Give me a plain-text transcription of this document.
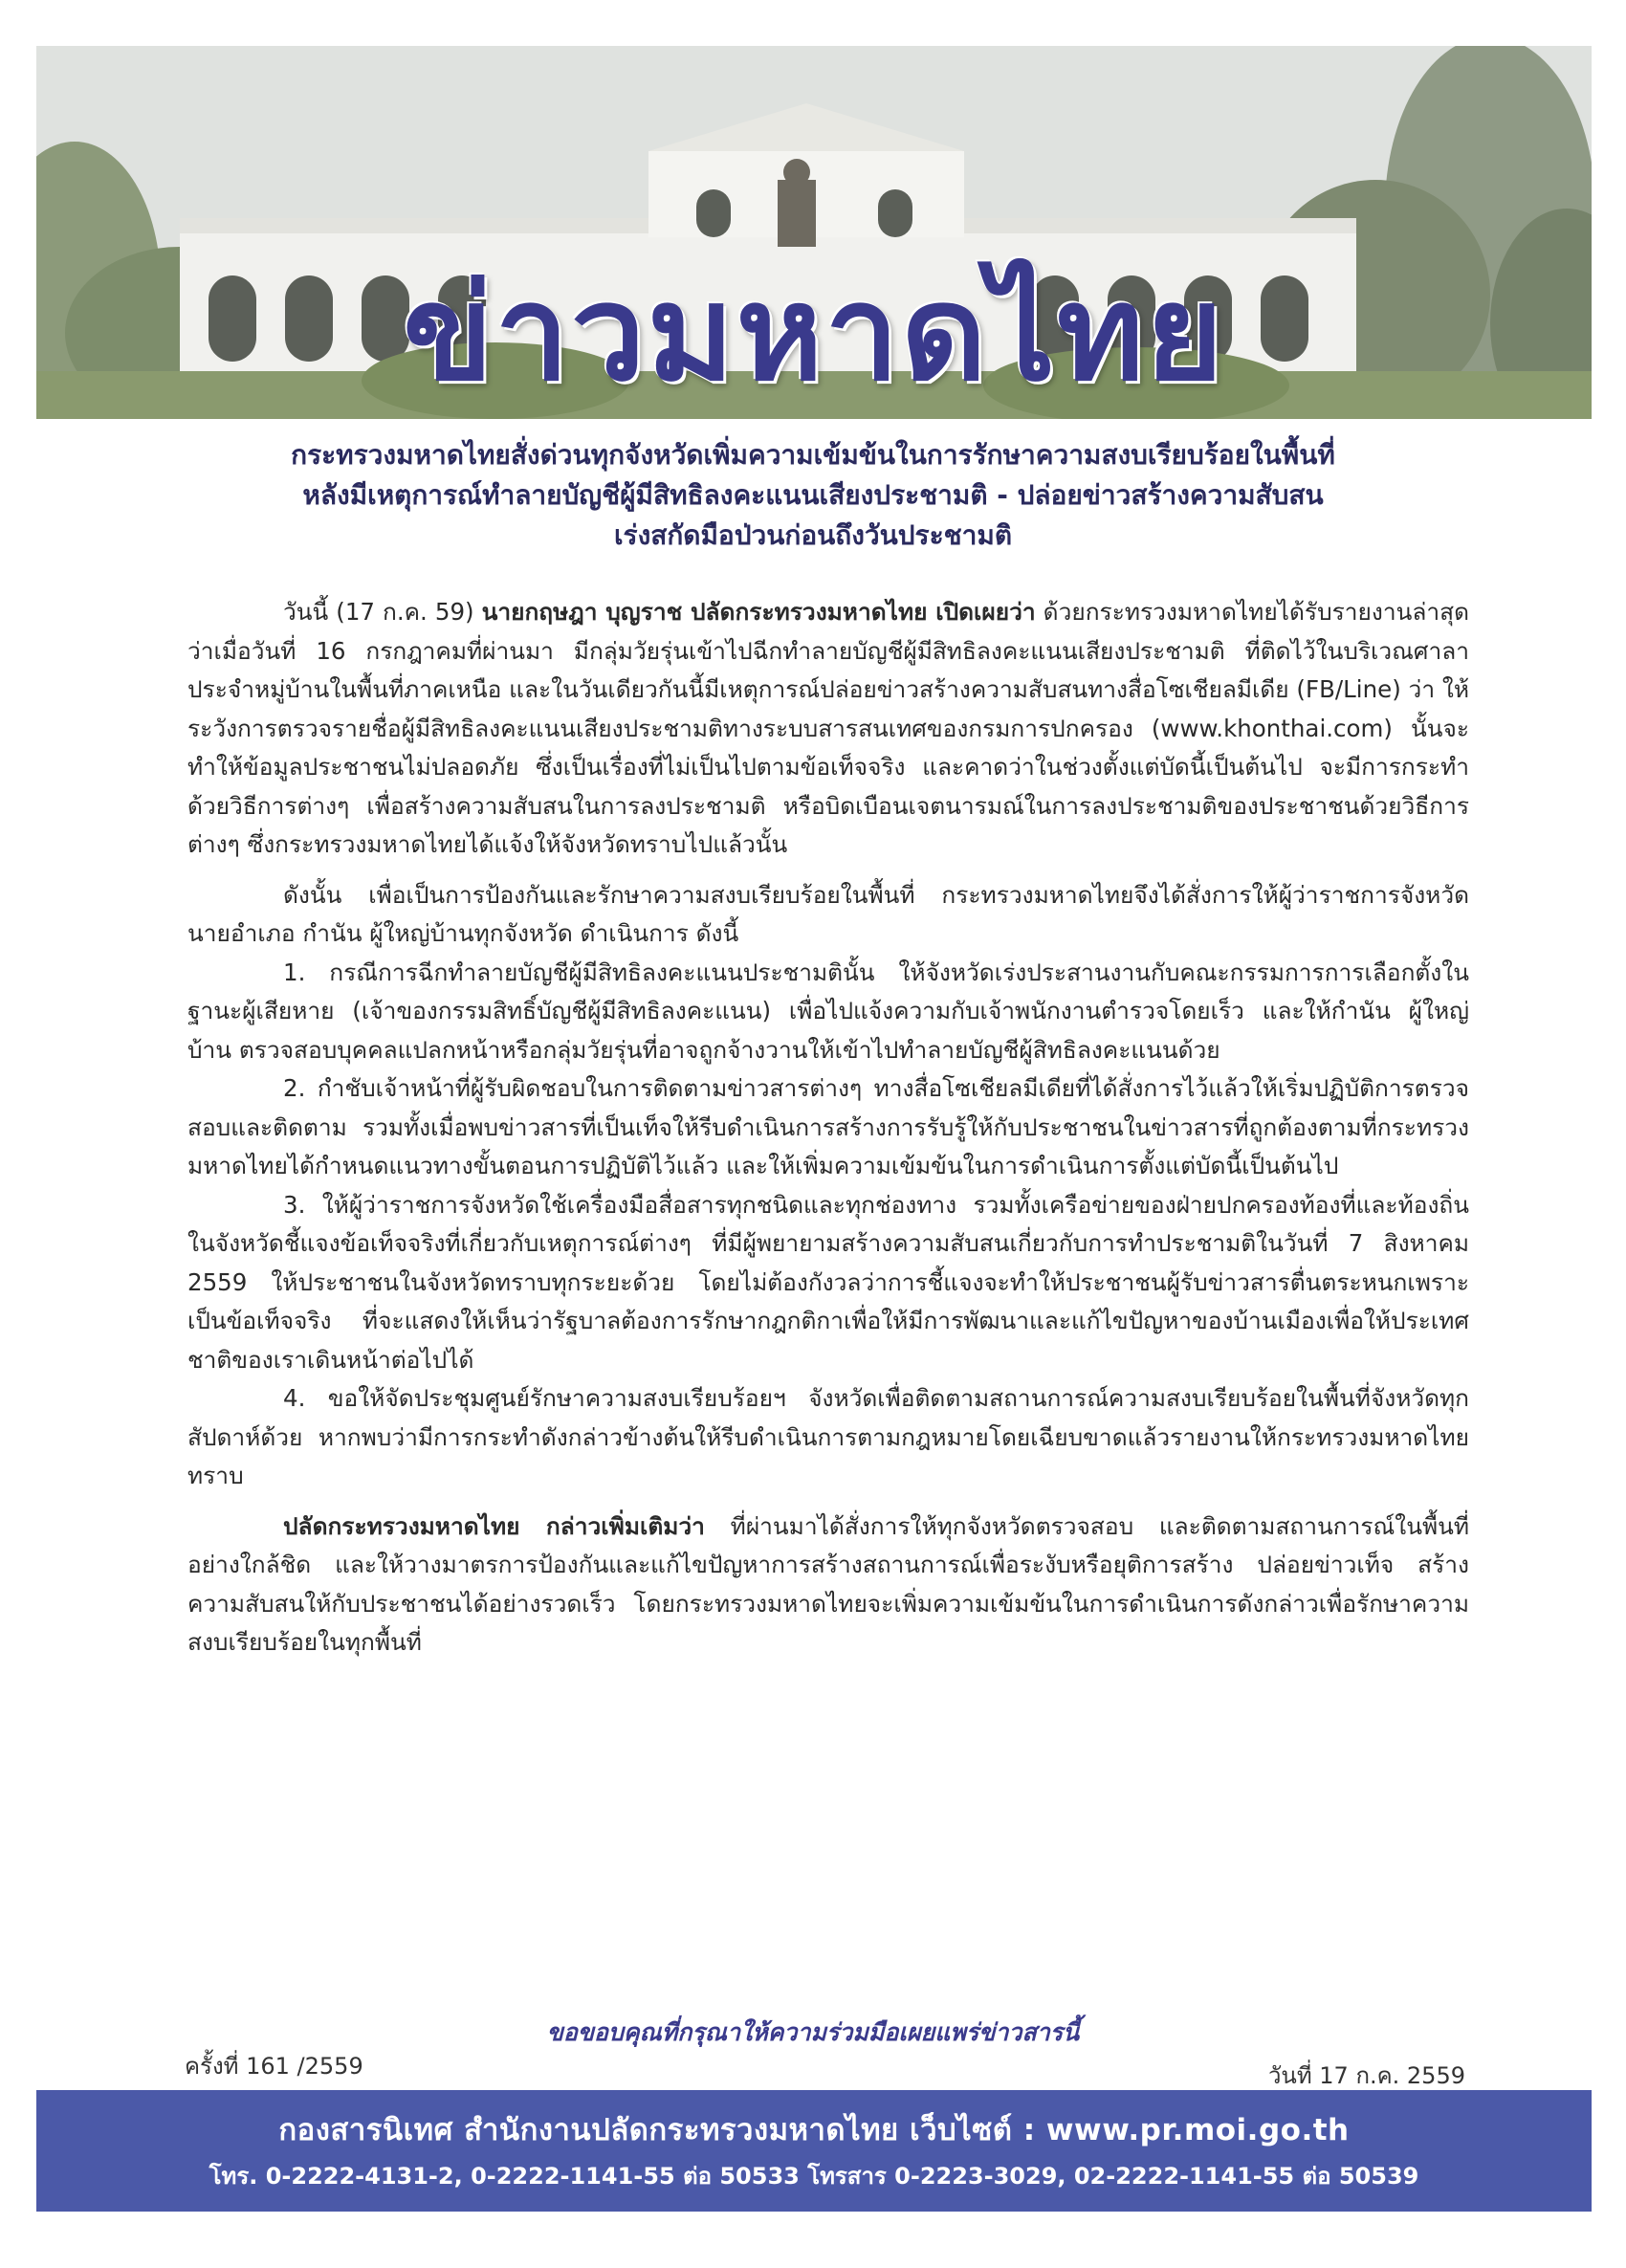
ข่าวมหาดไทย
กระทรวงมหาดไทยสั่งด่วนทุกจังหวัดเพิ่มความเข้มข้นในการรักษาความสงบเรียบร้อยในพื้นที่
หลังมีเหตุการณ์ทำลายบัญชีผู้มีสิทธิลงคะแนนเสียงประชามติ - ปล่อยข่าวสร้างความสับสน
เร่งสกัดมือป่วนก่อนถึงวันประชามติ

วันนี้ (17 ก.ค. 59) นายกฤษฎา บุญราช ปลัดกระทรวงมหาดไทย เปิดเผยว่า ด้วยกระทรวงมหาดไทยได้รับรายงานล่าสุดว่าเมื่อวันที่ 16 กรกฎาคมที่ผ่านมา มีกลุ่มวัยรุ่นเข้าไปฉีกทำลายบัญชีผู้มีสิทธิลงคะแนนเสียงประชามติ ที่ติดไว้ในบริเวณศาลาประจำหมู่บ้านในพื้นที่ภาคเหนือ และในวันเดียวกันนี้มีเหตุการณ์ปล่อยข่าวสร้างความสับสนทางสื่อโซเชียลมีเดีย (FB/Line) ว่า ให้ระวังการตรวจรายชื่อผู้มีสิทธิลงคะแนนเสียงประชามติทางระบบสารสนเทศของกรมการปกครอง (www.khonthai.com) นั้นจะทำให้ข้อมูลประชาชนไม่ปลอดภัย ซึ่งเป็นเรื่องที่ไม่เป็นไปตามข้อเท็จจริง และคาดว่าในช่วงตั้งแต่บัดนี้เป็นต้นไป จะมีการกระทำด้วยวิธีการต่างๆ เพื่อสร้างความสับสนในการลงประชามติ หรือบิดเบือนเจตนารมณ์ในการลงประชามติของประชาชนด้วยวิธีการต่างๆ ซึ่งกระทรวงมหาดไทยได้แจ้งให้จังหวัดทราบไปแล้วนั้น

ดังนั้น เพื่อเป็นการป้องกันและรักษาความสงบเรียบร้อยในพื้นที่ กระทรวงมหาดไทยจึงได้สั่งการให้ผู้ว่าราชการจังหวัด นายอำเภอ กำนัน ผู้ใหญ่บ้านทุกจังหวัด ดำเนินการ ดังนี้

1. กรณีการฉีกทำลายบัญชีผู้มีสิทธิลงคะแนนประชามตินั้น ให้จังหวัดเร่งประสานงานกับคณะกรรมการการเลือกตั้งในฐานะผู้เสียหาย (เจ้าของกรรมสิทธิ์บัญชีผู้มีสิทธิลงคะแนน) เพื่อไปแจ้งความกับเจ้าพนักงานตำรวจโดยเร็ว และให้กำนัน ผู้ใหญ่บ้าน ตรวจสอบบุคคลแปลกหน้าหรือกลุ่มวัยรุ่นที่อาจถูกจ้างวานให้เข้าไปทำลายบัญชีผู้สิทธิลงคะแนนด้วย

2. กำชับเจ้าหน้าที่ผู้รับผิดชอบในการติดตามข่าวสารต่างๆ ทางสื่อโซเชียลมีเดียที่ได้สั่งการไว้แล้วให้เริ่มปฏิบัติการตรวจสอบและติดตาม รวมทั้งเมื่อพบข่าวสารที่เป็นเท็จให้รีบดำเนินการสร้างการรับรู้ให้กับประชาชนในข่าวสารที่ถูกต้องตามที่กระทรวงมหาดไทยได้กำหนดแนวทางขั้นตอนการปฏิบัติไว้แล้ว และให้เพิ่มความเข้มข้นในการดำเนินการตั้งแต่บัดนี้เป็นต้นไป

3. ให้ผู้ว่าราชการจังหวัดใช้เครื่องมือสื่อสารทุกชนิดและทุกช่องทาง รวมทั้งเครือข่ายของฝ่ายปกครองท้องที่และท้องถิ่นในจังหวัดชี้แจงข้อเท็จจริงที่เกี่ยวกับเหตุการณ์ต่างๆ ที่มีผู้พยายามสร้างความสับสนเกี่ยวกับการทำประชามติในวันที่ 7 สิงหาคม 2559 ให้ประชาชนในจังหวัดทราบทุกระยะด้วย โดยไม่ต้องกังวลว่าการชี้แจงจะทำให้ประชาชนผู้รับข่าวสารตื่นตระหนกเพราะเป็นข้อเท็จจริง ที่จะแสดงให้เห็นว่ารัฐบาลต้องการรักษากฎกติกาเพื่อให้มีการพัฒนาและแก้ไขปัญหาของบ้านเมืองเพื่อให้ประเทศชาติของเราเดินหน้าต่อไปได้

4. ขอให้จัดประชุมศูนย์รักษาความสงบเรียบร้อยฯ จังหวัดเพื่อติดตามสถานการณ์ความสงบเรียบร้อยในพื้นที่จังหวัดทุกสัปดาห์ด้วย หากพบว่ามีการกระทำดังกล่าวข้างต้นให้รีบดำเนินการตามกฎหมายโดยเฉียบขาดแล้วรายงานให้กระทรวงมหาดไทยทราบ

ปลัดกระทรวงมหาดไทย กล่าวเพิ่มเติมว่า ที่ผ่านมาได้สั่งการให้ทุกจังหวัดตรวจสอบ และติดตามสถานการณ์ในพื้นที่ อย่างใกล้ชิด และให้วางมาตรการป้องกันและแก้ไขปัญหาการสร้างสถานการณ์เพื่อระงับหรือยุติการสร้าง ปล่อยข่าวเท็จ สร้างความสับสนให้กับประชาชนได้อย่างรวดเร็ว โดยกระทรวงมหาดไทยจะเพิ่มความเข้มข้นในการดำเนินการดังกล่าวเพื่อรักษาความสงบเรียบร้อยในทุกพื้นที่

ขอขอบคุณที่กรุณาให้ความร่วมมือเผยแพร่ข่าวสารนี้
ครั้งที่ 161 /2559	วันที่ 17 ก.ค. 2559
กองสารนิเทศ สำนักงานปลัดกระทรวงมหาดไทย เว็บไซต์ : www.pr.moi.go.th
โทร. 0-2222-4131-2, 0-2222-1141-55 ต่อ 50533 โทรสาร 0-2223-3029, 02-2222-1141-55 ต่อ 50539
